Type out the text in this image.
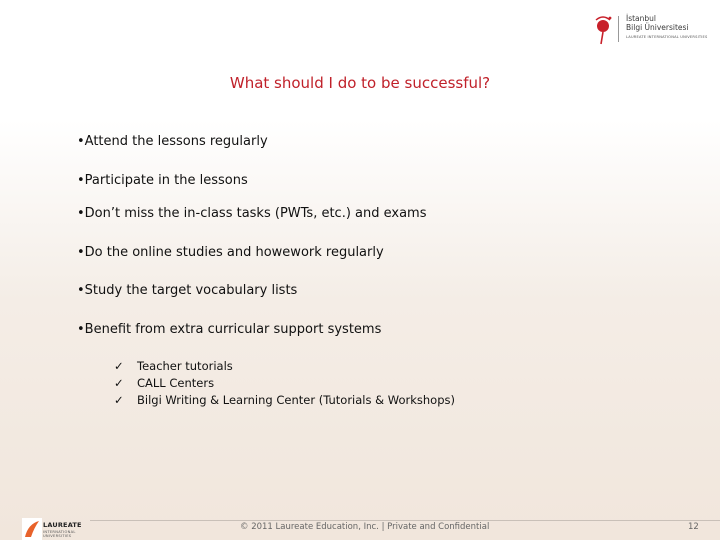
İstanbul
Bilgi Üniversitesi
LAUREATE INTERNATIONAL UNIVERSITIES
What should I do to be successful?
•Attend the lessons regularly
•Participate in the lessons
•Don’t miss the in-class tasks (PWTs, etc.) and exams
•Do the online studies and howework regularly
•Study the target vocabulary lists
•Benefit from extra curricular support systems
✓ Teacher tutorials
✓ CALL Centers
✓ Bilgi Writing & Learning Center (Tutorials & Workshops)
LAUREATE
INTERNATIONAL UNIVERSITIES
© 2011 Laureate Education, Inc. | Private and Confidential	12
